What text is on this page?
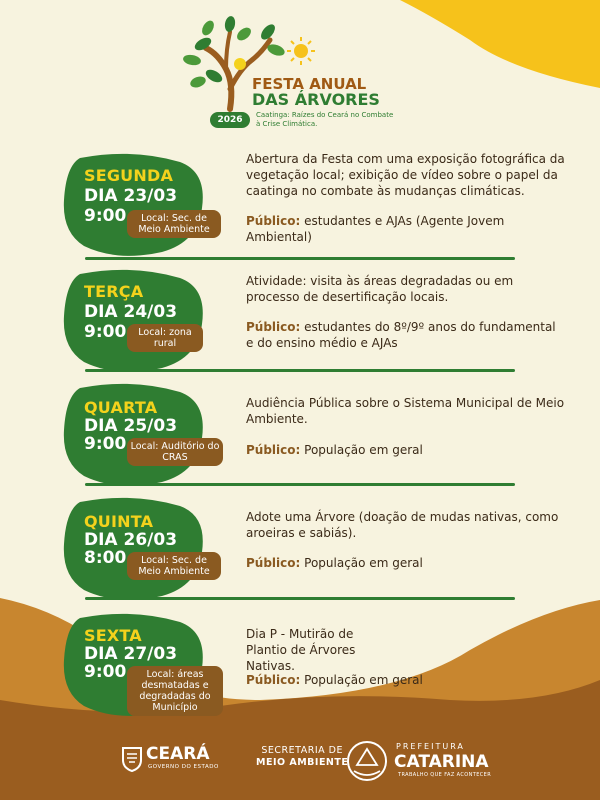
FESTA ANUAL
DAS ÁRVORES
2026	Caatinga: Raízes do Ceará no Combate à Crise Climática.
SEGUNDA
DIA 23/03
9:00	Local: Sec. de Meio Ambiente
Abertura da Festa com uma exposição fotográfica da vegetação local; exibição de vídeo sobre o papel da caatinga no combate às mudanças climáticas.
Público: estudantes e AJAs (Agente Jovem Ambiental)
TERÇA
DIA 24/03
9:00	Local: zona rural
Atividade: visita às áreas degradadas ou em processo de desertificação locais.
Público: estudantes do 8º/9º anos do fundamental e do ensino médio e AJAs
QUARTA
DIA 25/03
9:00 Local: Auditório do CRAS
Audiência Pública sobre o Sistema Municipal de Meio Ambiente.
Público: População em geral
QUINTA
DIA 26/03
8:00	Local: Sec. de Meio Ambiente
Adote uma Árvore (doação de mudas nativas, como aroeiras e sabiás).
Público: População em geral
SEXTA
DIA 27/03
9:00	Local: áreas desmatadas e degradadas do Município
Dia P - Mutirão de Plantio de Árvores Nativas.
Público: População em geral
CEARÁ
GOVERNO DO ESTADO
SECRETARIA DE
MEIO AMBIENTE
PREFEITURA
CATARINA
TRABALHO QUE FAZ ACONTECER
